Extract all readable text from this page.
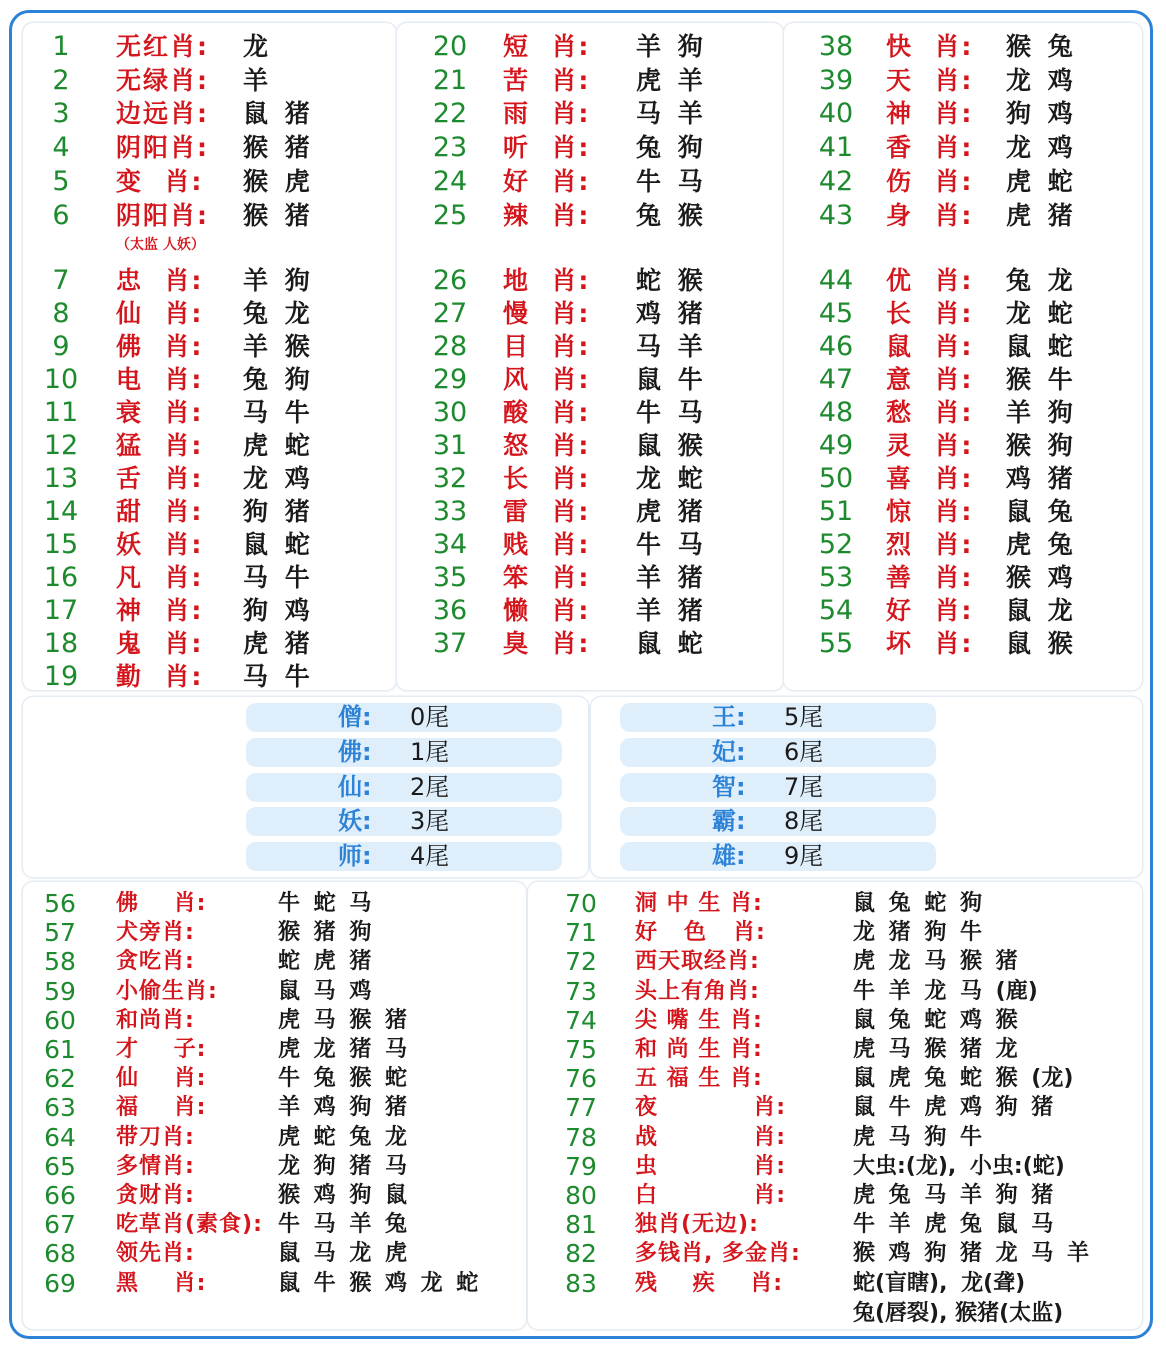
1 无红肖: 龙
2 无绿肖: 羊
3 边远肖: 鼠 猪
4 阴阳肖: 猴 猪
5 变  肖: 猴 虎
6 阴阳肖: 猴 猪
7 忠  肖: 羊 狗
8 仙  肖: 兔 龙
9 佛  肖: 羊 猴
10 电  肖: 兔 狗
11 衰  肖: 马 牛
12 猛  肖: 虎 蛇
13 舌  肖: 龙 鸡
14 甜  肖: 狗 猪
15 妖  肖: 鼠 蛇
16 凡  肖: 马 牛
17 神  肖: 狗 鸡
18 鬼  肖: 虎 猪
19 勤  肖: 马 牛
20 短  肖: 羊 狗
21 苦  肖: 虎 羊
22 雨  肖: 马 羊
23 听  肖: 兔 狗
24 好  肖: 牛 马
25 辣  肖: 兔 猴
26 地  肖: 蛇 猴
27 慢  肖: 鸡 猪
28 目  肖: 马 羊
29 风  肖: 鼠 牛
30 酸  肖: 牛 马
31 怒  肖: 鼠 猴
32 长  肖: 龙 蛇
33 雷  肖: 虎 猪
34 贱  肖: 牛 马
35 笨  肖: 羊 猪
36 懒  肖: 羊 猪
37 臭  肖: 鼠 蛇
38 快  肖: 猴 兔
39 天  肖: 龙 鸡
40 神  肖: 狗 鸡
41 香  肖: 龙 鸡
42 伤  肖: 虎 蛇
43 身  肖: 虎 猪
44 优  肖: 兔 龙
45 长  肖: 龙 蛇
46 鼠  肖: 鼠 蛇
47 意  肖: 猴 牛
48 愁  肖: 羊 狗
49 灵  肖: 猴 狗
50 喜  肖: 鸡 猪
51 惊  肖: 鼠 兔
52 烈  肖: 虎 兔
53 善  肖: 猴 鸡
54 好  肖: 鼠 龙
55 坏  肖: 鼠 猴
（太监 人妖）
僧: 0尾
佛: 1尾
仙: 2尾
妖: 3尾
师: 4尾
王: 5尾
妃: 6尾
智: 7尾
霸: 8尾
雄: 9尾
56 佛    肖:	牛 蛇 马
57 犬旁肖:	猴 猪 狗
58 贪吃肖:	蛇 虎 猪
59 小偷生肖:	鼠 马 鸡
60 和尚肖:	虎 马 猴 猪
61 才    子:	虎 龙 猪 马
62 仙    肖:	牛 兔 猴 蛇
63 福    肖:	羊 鸡 狗 猪
64 带刀肖:	虎 蛇 兔 龙
65 多情肖:	龙 狗 猪 马
66 贪财肖:	猴 鸡 狗 鼠
67 吃草肖(素食): 牛 马 羊 兔
68 领先肖:	鼠 马 龙 虎
69 黑    肖:	鼠 牛 猴 鸡 龙 蛇
70 洞 中 生 肖:	鼠 兔 蛇 狗
71 好   色   肖:	龙 猪 狗 牛
72 西天取经肖:	虎 龙 马 猴 猪
73 头上有角肖:	牛 羊 龙 马 (鹿)
74 尖 嘴 生 肖:	鼠 兔 蛇 鸡 猴
75 和 尚 生 肖:	虎 马 猴 猪 龙
76 五 福 生 肖:	鼠 虎 兔 蛇 猴 (龙)
77 夜           肖:	鼠 牛 虎 鸡 狗 猪
78 战           肖:	虎 马 狗 牛
79 虫           肖:	大虫:(龙), 小虫:(蛇)
80 白           肖:	虎 兔 马 羊 狗 猪
81 独肖(无边):	牛 羊 虎 兔 鼠 马
82 多钱肖, 多金肖: 猴 鸡 狗 猪 龙 马 羊
83 残    疾    肖:	蛇(盲瞎), 龙(聋)
兔(唇裂), 猴猪(太监)
